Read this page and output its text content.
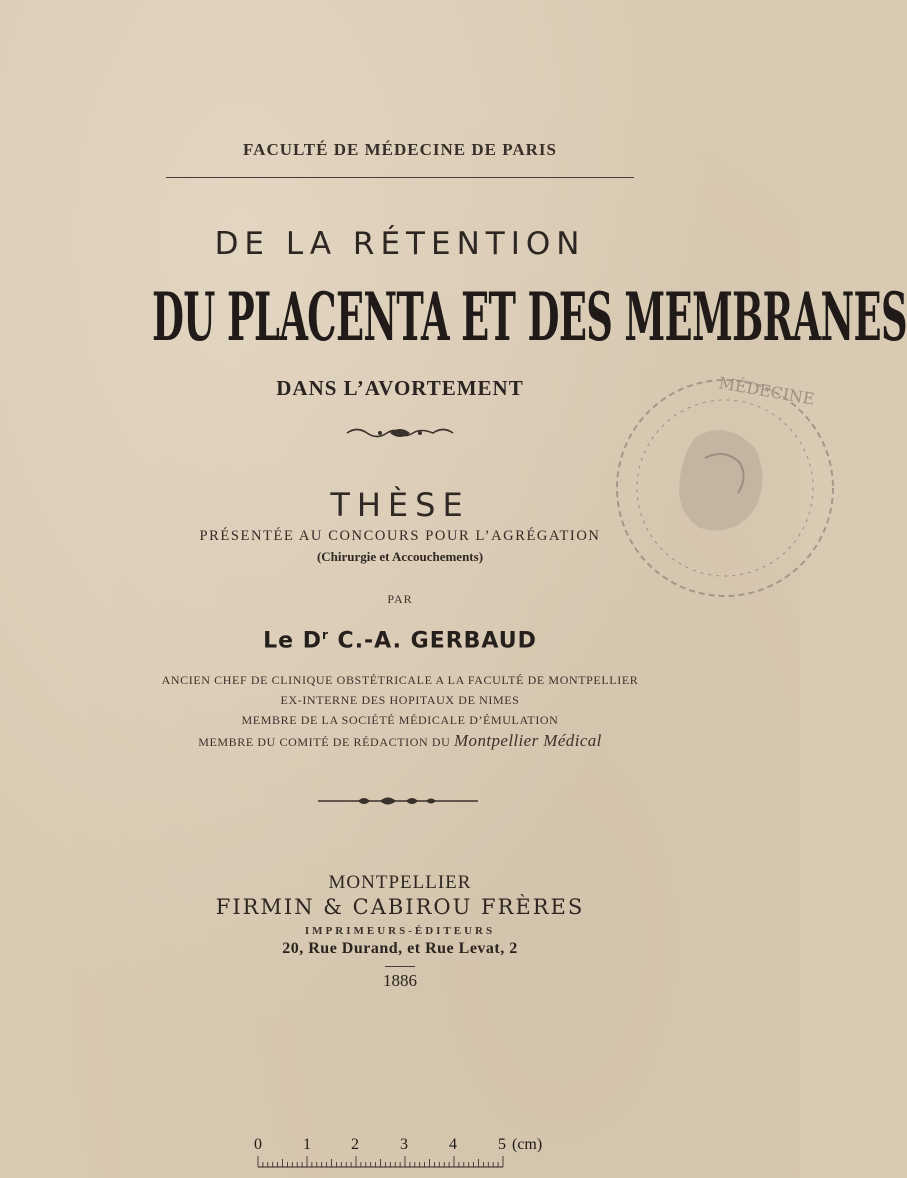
FACULTÉ DE MÉDECINE DE PARIS
DE LA RÉTENTION
DU PLACENTA ET DES MEMBRANES
DANS L’AVORTEMENT
THÈSE
PRÉSENTÉE AU CONCOURS POUR L’AGRÉGATION
(Chirurgie et Accouchements)
PAR
Le $D^r$ C.-A. GERBAUD
ANCIEN CHEF DE CLINIQUE OBSTÉTRICALE A LA FACULTÉ DE MONTPELLIER
EX-INTERNE DES HOPITAUX DE NIMES
MEMBRE DE LA SOCIÉTÉ MÉDICALE D’ÉMULATION
MEMBRE DU COMITÉ DE RÉDACTION DU Montpellier Médical
MONTPELLIER
FIRMIN & CABIROU FRÈRES
IMPRIMEURS-ÉDITEURS
20, Rue Durand, et Rue Levat, 2
1886
MÉDECINE
0	1	2	3	4	5 (cm)
